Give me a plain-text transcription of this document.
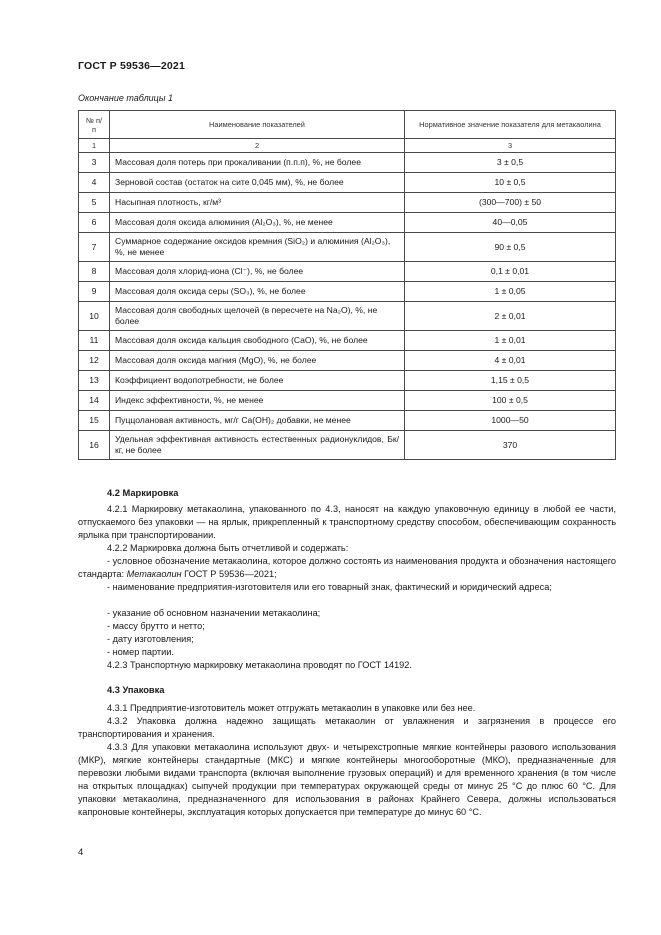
ГОСТ Р 59536—2021
Окончание таблицы 1
№ п/п	Наименование показателей	Нормативное значение показателя для метакаолина
1	2	3
3	Массовая доля потерь при прокаливании (п.п.п), %, не более	3 ± 0,5
4	Зерновой состав (остаток на сите 0,045 мм), %, не более	10 ± 0,5
5	Насыпная плотность, кг/м³	(300—700) ± 50
6	Массовая доля оксида алюминия (Al₂O₃), %, не менее	40—0,05
7	Суммарное содержание оксидов кремния (SiO₂) и алюминия (Al₂O₃), %, не менее	90 ± 0,5
8	Массовая доля хлорид-иона (Cl⁻), %, не более	0,1 ± 0,01
9	Массовая доля оксида серы (SO₃), %, не более	1 ± 0,05
10	Массовая доля свободных щелочей (в пересчете на Na₂O), %, не более	2 ± 0,01
11	Массовая доля оксида кальция свободного (CaO), %, не более	1 ± 0,01
12	Массовая доля оксида магния (MgO), %, не более	4 ± 0,01
13	Коэффициент водопотребности, не более	1,15 ± 0,5
14	Индекс эффективности, %, не менее	100 ± 0,5
15	Пуццолановая активность, мг/г Ca(OH)₂ добавки, не менее	1000—50
16	Удельная эффективная активность естественных радионуклидов, Бк/кг, не более	370
4.2 Маркировка
4.2.1 Маркировку метакаолина, упакованного по 4.3, наносят на каждую упаковочную единицу в любой ее части, отпускаемого без упаковки — на ярлык, прикрепленный к транспортному средству способом, обеспечивающим сохранность ярлыка при транспортировании.
4.2.2 Маркировка должна быть отчетливой и содержать:
- условное обозначение метакаолина, которое должно состоять из наименования продукта и обозначения настоящего стандарта: Метакаолин ГОСТ Р 59536—2021;
- наименование предприятия-изготовителя или его товарный знак, фактический и юридический адреса;
- указание об основном назначении метакаолина;
- массу брутто и нетто;
- дату изготовления;
- номер партии.
4.2.3 Транспортную маркировку метакаолина проводят по ГОСТ 14192.
4.3 Упаковка
4.3.1 Предприятие-изготовитель может отгружать метакаолин в упаковке или без нее.
4.3.2 Упаковка должна надежно защищать метакаолин от увлажнения и загрязнения в процессе его транспортирования и хранения.
4.3.3 Для упаковки метакаолина используют двух- и четырехстропные мягкие контейнеры разового использования (МКР), мягкие контейнеры стандартные (МКС) и мягкие контейнеры многооборотные (МКО), предназначенные для перевозки любыми видами транспорта (включая выполнение грузовых операций) и для временного хранения (в том числе на открытых площадках) сыпучей продукции при температурах окружающей среды от минус 25 °С до плюс 60 °С. Для упаковки метакаолина, предназначенного для использования в районах Крайнего Севера, должны использоваться капроновые контейнеры, эксплуатация которых допускается при температуре до минус 60 °С.
4
